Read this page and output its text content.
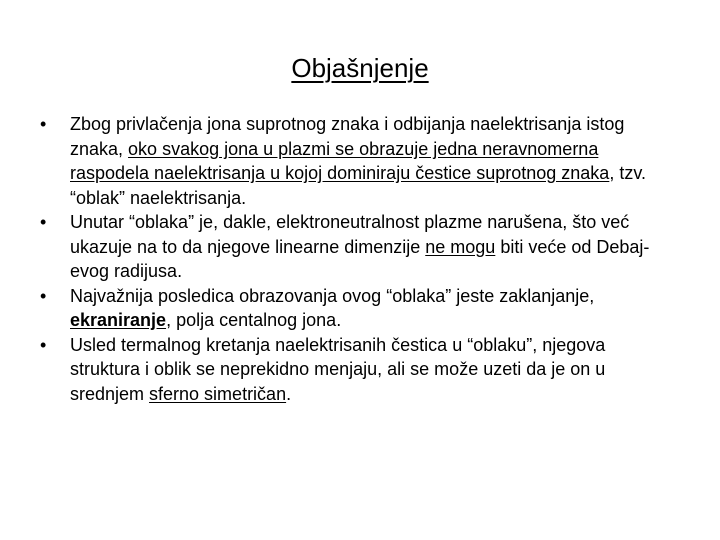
Objašnjenje
•	Zbog privlačenja jona suprotnog znaka i odbijanja naelektrisanja istog znaka, oko svakog jona u plazmi se obrazuje jedna neravnomerna raspodela naelektrisanja u kojoj dominiraju čestice suprotnog znaka, tzv. “oblak” naelektrisanja.
•	Unutar “oblaka” je, dakle, elektroneutralnost plazme narušena, što već ukazuje na to da njegove linearne dimenzije ne mogu biti veće od Debaj-evog radijusa.
•	Najvažnija posledica obrazovanja ovog “oblaka” jeste zaklanjanje, ekraniranje, polja centalnog jona.
•	Usled termalnog kretanja naelektrisanih čestica u “oblaku”, njegova struktura i oblik se neprekidno menjaju, ali se može uzeti da je on u srednjem sferno simetričan.
